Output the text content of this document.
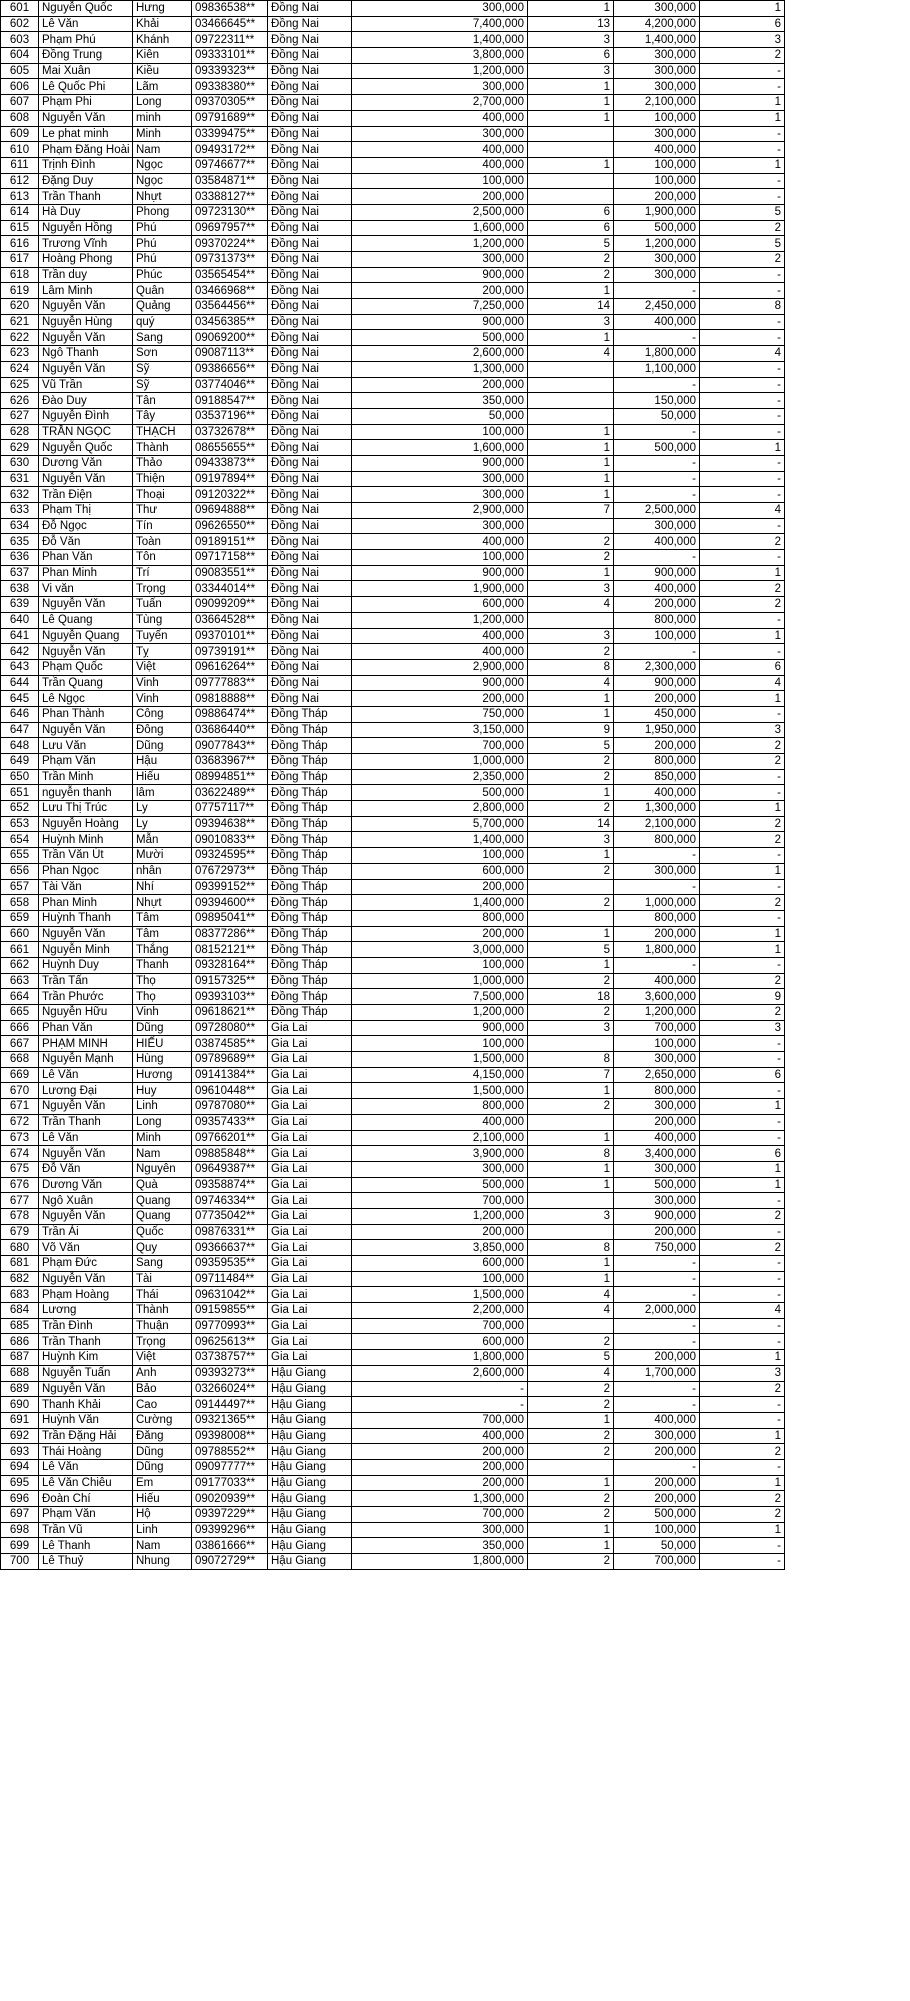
601	Nguyễn Quốc	Hưng	09836538**	Đồng Nai	300,000	1	300,000	1
602	Lê Văn	Khải	03466645**	Đồng Nai	7,400,000	13	4,200,000	6
603	Phạm Phú	Khánh	09722311**	Đồng Nai	1,400,000	3	1,400,000	3
604	Đồng Trung	Kiên	09333101**	Đồng Nai	3,800,000	6	300,000	2
605	Mai Xuân	Kiều	09339323**	Đồng Nai	1,200,000	3	300,000	-
606	Lê Quốc Phi	Lãm	09338380**	Đồng Nai	300,000	1	300,000	-
607	Phạm Phi	Long	09370305**	Đồng Nai	2,700,000	1	2,100,000	1
608	Nguyễn Văn	minh	09791689**	Đồng Nai	400,000	1	100,000	1
609	Le phat minh	Minh	03399475**	Đồng Nai	300,000		300,000	-
610	Phạm Đăng Hoài	Nam	09493172**	Đồng Nai	400,000		400,000	-
611	Trịnh Đình	Ngọc	09746677**	Đồng Nai	400,000	1	100,000	1
612	Đặng Duy	Ngọc	03584871**	Đồng Nai	100,000		100,000	-
613	Trần Thanh	Nhựt	03388127**	Đồng Nai	200,000		200,000	-
614	Hà Duy	Phong	09723130**	Đồng Nai	2,500,000	6	1,900,000	5
615	Nguyễn Hồng	Phú	09697957**	Đồng Nai	1,600,000	6	500,000	2
616	Trương Vĩnh	Phú	09370224**	Đồng Nai	1,200,000	5	1,200,000	5
617	Hoàng Phong	Phú	09731373**	Đồng Nai	300,000	2	300,000	2
618	Trần duy	Phúc	03565454**	Đồng Nai	900,000	2	300,000	-
619	Lâm Minh	Quân	03466968**	Đồng Nai	200,000	1	-	-
620	Nguyễn Văn	Quảng	03564456**	Đồng Nai	7,250,000	14	2,450,000	8
621	Nguyễn Hùng	quý	03456385**	Đồng Nai	900,000	3	400,000	-
622	Nguyễn Văn	Sang	09069200**	Đồng Nai	500,000	1	-	-
623	Ngô Thanh	Sơn	09087113**	Đồng Nai	2,600,000	4	1,800,000	4
624	Nguyễn Văn	Sỹ	09386656**	Đồng Nai	1,300,000		1,100,000	-
625	Vũ Trần	Sỹ	03774046**	Đồng Nai	200,000		-	-
626	Đào Duy	Tân	09188547**	Đồng Nai	350,000		150,000	-
627	Nguyễn Đình	Tây	03537196**	Đồng Nai	50,000		50,000	-
628	TRẦN NGỌC	THẠCH	03732678**	Đồng Nai	100,000	1	-	-
629	Nguyễn Quốc	Thành	08655655**	Đồng Nai	1,600,000	1	500,000	1
630	Dương Văn	Thảo	09433873**	Đồng Nai	900,000	1	-	-
631	Nguyễn Văn	Thiện	09197894**	Đồng Nai	300,000	1	-	-
632	Trần Điện	Thoại	09120322**	Đồng Nai	300,000	1	-	-
633	Phạm Thị	Thư	09694888**	Đồng Nai	2,900,000	7	2,500,000	4
634	Đỗ Ngọc	Tín	09626550**	Đồng Nai	300,000		300,000	-
635	Đỗ Văn	Toàn	09189151**	Đồng Nai	400,000	2	400,000	2
636	Phan Văn	Tôn	09717158**	Đồng Nai	100,000	2	-	-
637	Phan Minh	Trí	09083551**	Đồng Nai	900,000	1	900,000	1
638	Vi văn	Trọng	03344014**	Đồng Nai	1,900,000	3	400,000	2
639	Nguyễn Văn	Tuấn	09099209**	Đồng Nai	600,000	4	200,000	2
640	Lê Quang	Tùng	03664528**	Đồng Nai	1,200,000		800,000	-
641	Nguyễn Quang	Tuyến	09370101**	Đồng Nai	400,000	3	100,000	1
642	Nguyễn Văn	Tỵ	09739191**	Đồng Nai	400,000	2	-	-
643	Phạm Quốc	Việt	09616264**	Đồng Nai	2,900,000	8	2,300,000	6
644	Trần Quang	Vinh	09777883**	Đồng Nai	900,000	4	900,000	4
645	Lê Ngọc	Vinh	09818888**	Đồng Nai	200,000	1	200,000	1
646	Phan Thành	Công	09886474**	Đồng Tháp	750,000	1	450,000	-
647	Nguyễn Văn	Đông	03686440**	Đồng Tháp	3,150,000	9	1,950,000	3
648	Lưu Văn	Dũng	09077843**	Đồng Tháp	700,000	5	200,000	2
649	Phạm Văn	Hậu	03683967**	Đồng Tháp	1,000,000	2	800,000	2
650	Trần Minh	Hiếu	08994851**	Đồng Tháp	2,350,000	2	850,000	-
651	nguyễn thanh	lâm	03622489**	Đồng Tháp	500,000	1	400,000	-
652	Lưu Thị Trúc	Ly	07757117**	Đồng Tháp	2,800,000	2	1,300,000	1
653	Nguyễn Hoàng	Ly	09394638**	Đồng Tháp	5,700,000	14	2,100,000	2
654	Huỳnh Minh	Mẫn	09010833**	Đồng Tháp	1,400,000	3	800,000	2
655	Trần Văn Út	Mười	09324595**	Đồng Tháp	100,000	1	-	-
656	Phan Ngọc	nhân	07672973**	Đồng Tháp	600,000	2	300,000	1
657	Tài Văn	Nhí	09399152**	Đồng Tháp	200,000		-	-
658	Phan Minh	Nhựt	09394600**	Đồng Tháp	1,400,000	2	1,000,000	2
659	Huỳnh Thanh	Tâm	09895041**	Đồng Tháp	800,000		800,000	-
660	Nguyễn Văn	Tâm	08377286**	Đồng Tháp	200,000	1	200,000	1
661	Nguyễn Minh	Thắng	08152121**	Đồng Tháp	3,000,000	5	1,800,000	1
662	Huỳnh Duy	Thanh	09328164**	Đồng Tháp	100,000	1	-	-
663	Trần Tấn	Thọ	09157325**	Đồng Tháp	1,000,000	2	400,000	2
664	Trần Phước	Thọ	09393103**	Đồng Tháp	7,500,000	18	3,600,000	9
665	Nguyễn Hữu	Vinh	09618621**	Đồng Tháp	1,200,000	2	1,200,000	2
666	Phan Văn	Dũng	09728080**	Gia Lai	900,000	3	700,000	3
667	PHẠM MINH	HIẾU	03874585**	Gia Lai	100,000		100,000	-
668	Nguyễn Mạnh	Hùng	09789689**	Gia Lai	1,500,000	8	300,000	-
669	Lê Văn	Hương	09141384**	Gia Lai	4,150,000	7	2,650,000	6
670	Lương Đại	Huy	09610448**	Gia Lai	1,500,000	1	800,000	-
671	Nguyễn Văn	Linh	09787080**	Gia Lai	800,000	2	300,000	1
672	Trần Thanh	Long	09357433**	Gia Lai	400,000		200,000	-
673	Lê Văn	Minh	09766201**	Gia Lai	2,100,000	1	400,000	-
674	Nguyễn Văn	Nam	09885848**	Gia Lai	3,900,000	8	3,400,000	6
675	Đỗ Văn	Nguyên	09649387**	Gia Lai	300,000	1	300,000	1
676	Dương Văn	Quà	09358874**	Gia Lai	500,000	1	500,000	1
677	Ngô Xuân	Quang	09746334**	Gia Lai	700,000		300,000	-
678	Nguyễn Văn	Quang	07735042**	Gia Lai	1,200,000	3	900,000	2
679	Trần Ái	Quốc	09876331**	Gia Lai	200,000		200,000	-
680	Võ Văn	Quy	09366637**	Gia Lai	3,850,000	8	750,000	2
681	Phạm Đức	Sang	09359535**	Gia Lai	600,000	1	-	-
682	Nguyễn Văn	Tài	09711484**	Gia Lai	100,000	1	-	-
683	Phạm Hoàng	Thái	09631042**	Gia Lai	1,500,000	4	-	-
684	Lương	Thành	09159855**	Gia Lai	2,200,000	4	2,000,000	4
685	Trần Đình	Thuận	09770993**	Gia Lai	700,000		-	-
686	Trần Thanh	Trọng	09625613**	Gia Lai	600,000	2	-	-
687	Huỳnh Kim	Việt	03738757**	Gia Lai	1,800,000	5	200,000	1
688	Nguyễn Tuấn	Anh	09393273**	Hậu Giang	2,600,000	4	1,700,000	3
689	Nguyễn Văn	Bảo	03266024**	Hậu Giang	-	2	-	2
690	Thanh Khải	Cao	09144497**	Hậu Giang	-	2	-	-
691	Huỳnh Văn	Cường	09321365**	Hậu Giang	700,000	1	400,000	-
692	Trần Đặng Hải	Đăng	09398008**	Hậu Giang	400,000	2	300,000	1
693	Thái Hoàng	Dũng	09788552**	Hậu Giang	200,000	2	200,000	2
694	Lê Văn	Dũng	09097777**	Hậu Giang	200,000		-	-
695	Lê Văn Chiêu	Em	09177033**	Hậu Giang	200,000	1	200,000	1
696	Đoàn Chí	Hiếu	09020939**	Hậu Giang	1,300,000	2	200,000	2
697	Phạm Văn	Hộ	09397229**	Hậu Giang	700,000	2	500,000	2
698	Trần Vũ	Linh	09399296**	Hậu Giang	300,000	1	100,000	1
699	Lê Thanh	Nam	03861666**	Hậu Giang	350,000	1	50,000	-
700	Lê Thuỷ	Nhung	09072729**	Hậu Giang	1,800,000	2	700,000	-
